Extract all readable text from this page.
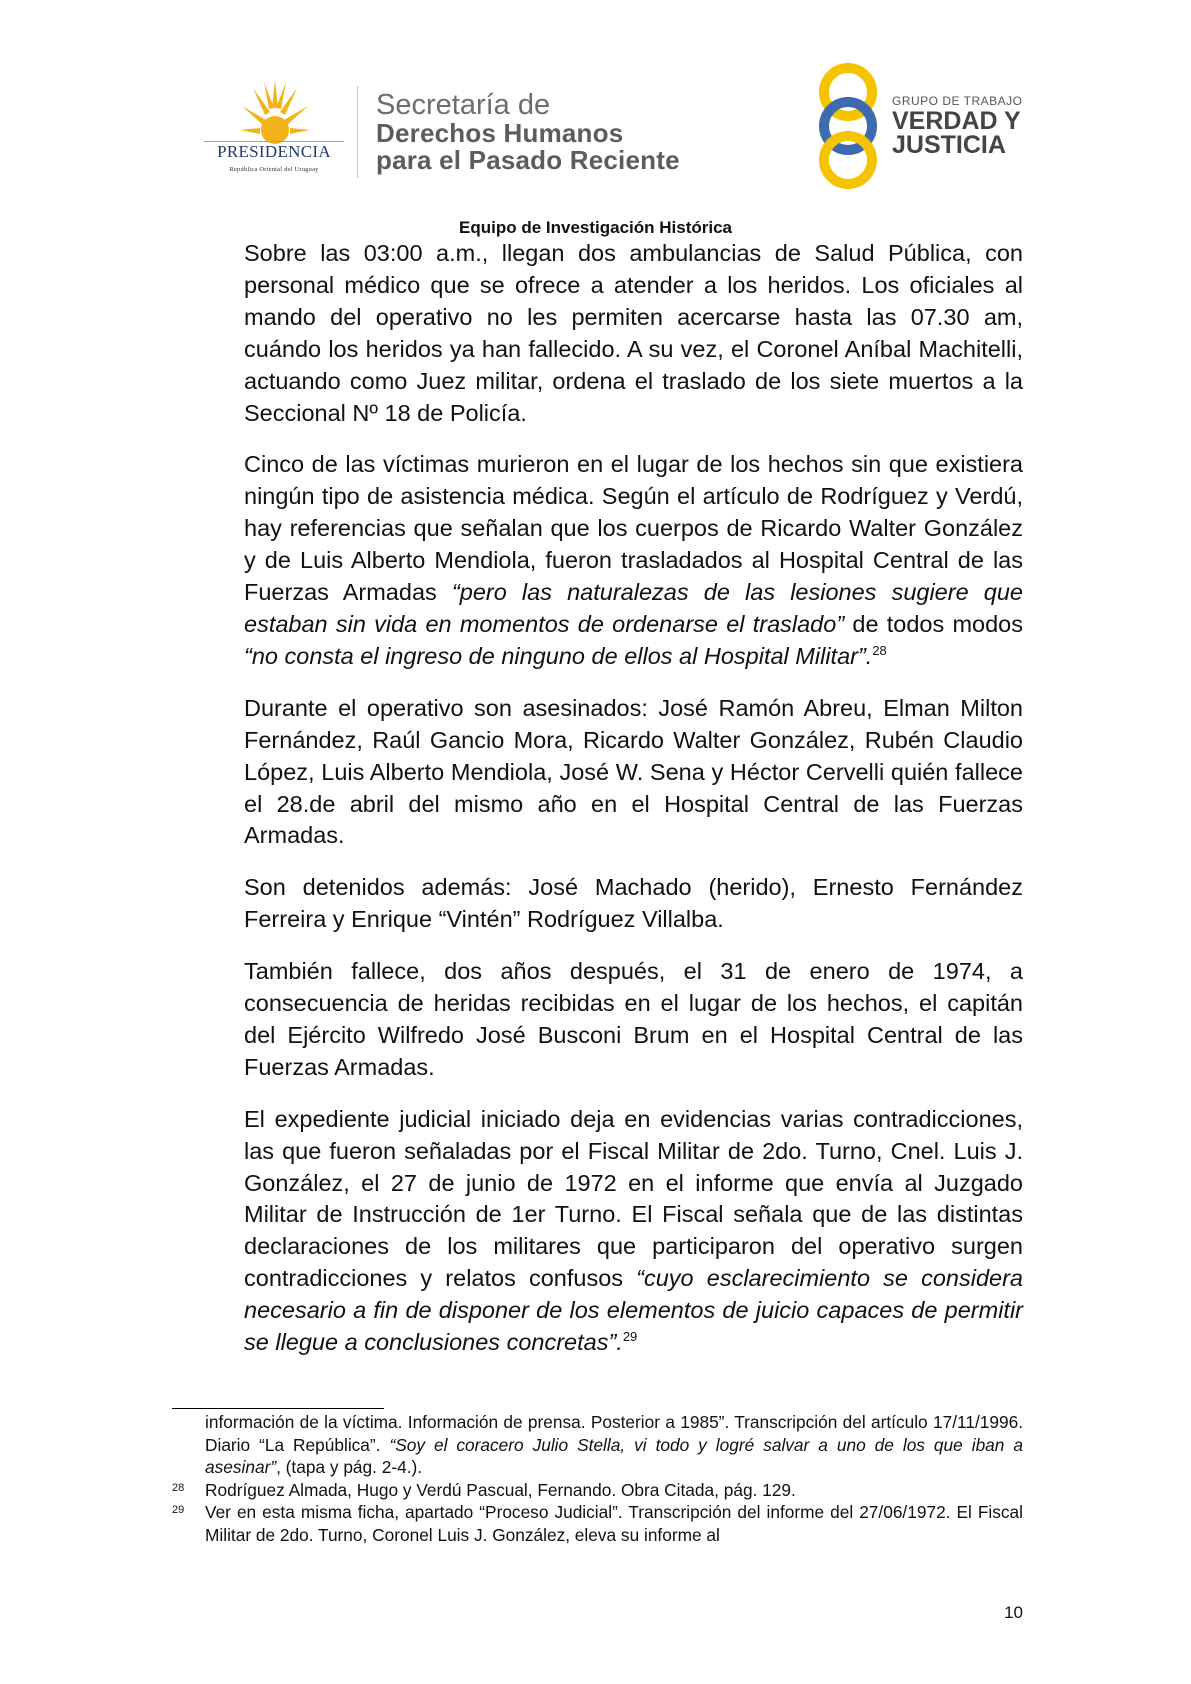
PRESIDENCIA
República Oriental del Uruguay
Secretaría de
Derechos Humanos
para el Pasado Reciente
GRUPO DE TRABAJO
VERDAD Y
JUSTICIA
Equipo de Investigación Histórica

Sobre las 03:00 a.m., llegan dos ambulancias de Salud Pública, con personal médico que se ofrece a atender a los heridos. Los oficiales al mando del operativo no les permiten acercarse hasta las 07.30 am, cuándo los heridos ya han fallecido. A su vez, el Coronel Aníbal Machitelli, actuando como Juez militar, ordena el traslado de los siete muertos a la Seccional Nº 18 de Policía.

Cinco de las víctimas murieron en el lugar de los hechos sin que existiera ningún tipo de asistencia médica. Según el artículo de Rodríguez y Verdú, hay referencias que señalan que los cuerpos de Ricardo Walter González y de Luis Alberto Mendiola, fueron trasladados al Hospital Central de las Fuerzas Armadas “pero las naturalezas de las lesiones sugiere que estaban sin vida en momentos de ordenarse el traslado” de todos modos “no consta el ingreso de ninguno de ellos al Hospital Militar”.$^{28}$

Durante el operativo son asesinados: José Ramón Abreu, Elman Milton Fernández, Raúl Gancio Mora, Ricardo Walter González, Rubén Claudio López, Luis Alberto Mendiola, José W. Sena y Héctor Cervelli quién fallece el 28.de abril del mismo año en el Hospital Central de las Fuerzas Armadas.

Son detenidos además: José Machado (herido), Ernesto Fernández Ferreira y Enrique “Vintén” Rodríguez Villalba.

También fallece, dos años después, el 31 de enero de 1974, a consecuencia de heridas recibidas en el lugar de los hechos, el capitán del Ejército Wilfredo José Busconi Brum en el Hospital Central de las Fuerzas Armadas.

El expediente judicial iniciado deja en evidencias varias contradicciones, las que fueron señaladas por el Fiscal Militar de 2do. Turno, Cnel. Luis J. González, el 27 de junio de 1972 en el informe que envía al Juzgado Militar de Instrucción de 1er Turno. El Fiscal señala que de las distintas declaraciones de los militares que participaron del operativo surgen contradicciones y relatos confusos “cuyo esclarecimiento se considera necesario a fin de disponer de los elementos de juicio capaces de permitir se llegue a conclusiones concretas”.$^{29}$

información de la víctima. Información de prensa. Posterior a 1985”. Transcripción del artículo 17/11/1996. Diario “La República”. “Soy el coracero Julio Stella, vi todo y logré salvar a uno de los que iban a asesinar”, (tapa y pág. 2-4.).
28 Rodríguez Almada, Hugo y Verdú Pascual, Fernando. Obra Citada, pág. 129.
29 Ver en esta misma ficha, apartado “Proceso Judicial”. Transcripción del informe del 27/06/1972. El Fiscal Militar de 2do. Turno, Coronel Luis J. González, eleva su informe al
10
